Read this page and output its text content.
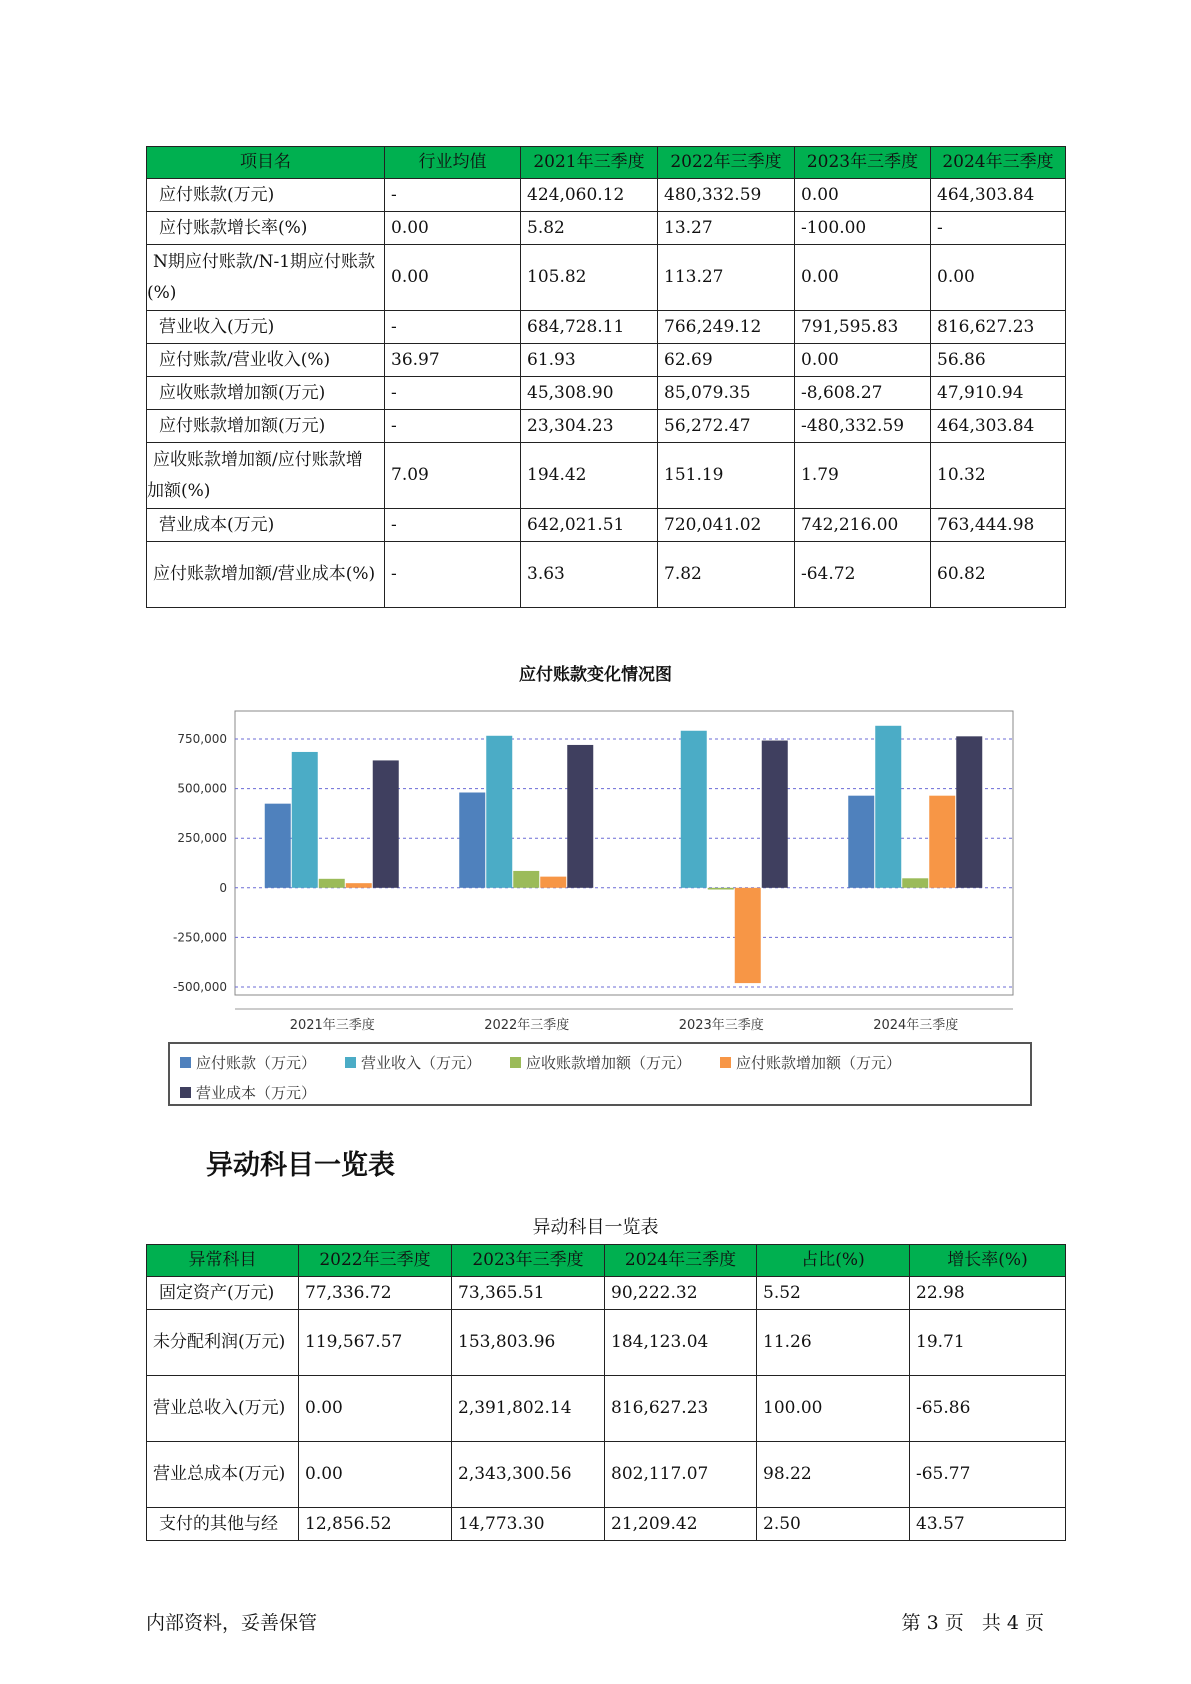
项目名	行业均值	2021年三季度	2022年三季度	2023年三季度	2024年三季度
应付账款(万元)	-	424,060.12	480,332.59	0.00	464,303.84
应付账款增长率(%)	0.00	5.82	13.27	-100.00	-
N期应付账款/N-1期应付账款(%)	0.00	105.82	113.27	0.00	0.00
营业收入(万元)	-	684,728.11	766,249.12	791,595.83	816,627.23
应付账款/营业收入(%)	36.97	61.93	62.69	0.00	56.86
应收账款增加额(万元)	-	45,308.90	85,079.35	-8,608.27	47,910.94
应付账款增加额(万元)	-	23,304.23	56,272.47	-480,332.59	464,303.84
应收账款增加额/应付账款增加额(%)	7.09	194.42	151.19	1.79	10.32
营业成本(万元)	-	642,021.51	720,041.02	742,216.00	763,444.98
应付账款增加额/营业成本(%)	-	3.63	7.82	-64.72	60.82
应付账款变化情况图
750,000
500,000
250,000
0
-250,000
-500,000
2021年三季度	2022年三季度	2023年三季度	2024年三季度
应付账款（万元）	营业收入（万元）	应收账款增加额（万元）	应付账款增加额（万元）
营业成本（万元）
异动科目一览表
异动科目一览表
异常科目	2022年三季度	2023年三季度	2024年三季度	占比(%)	增长率(%)
固定资产(万元)	77,336.72	73,365.51	90,222.32	5.52	22.98
未分配利润(万元)	119,567.57	153,803.96	184,123.04	11.26	19.71
营业总收入(万元)	0.00	2,391,802.14	816,627.23	100.00	-65.86
营业总成本(万元)	0.00	2,343,300.56	802,117.07	98.22	-65.77
支付的其他与经	12,856.52	14,773.30	21,209.42	2.50	43.57
内部资料，妥善保管	第 3 页   共 4 页
